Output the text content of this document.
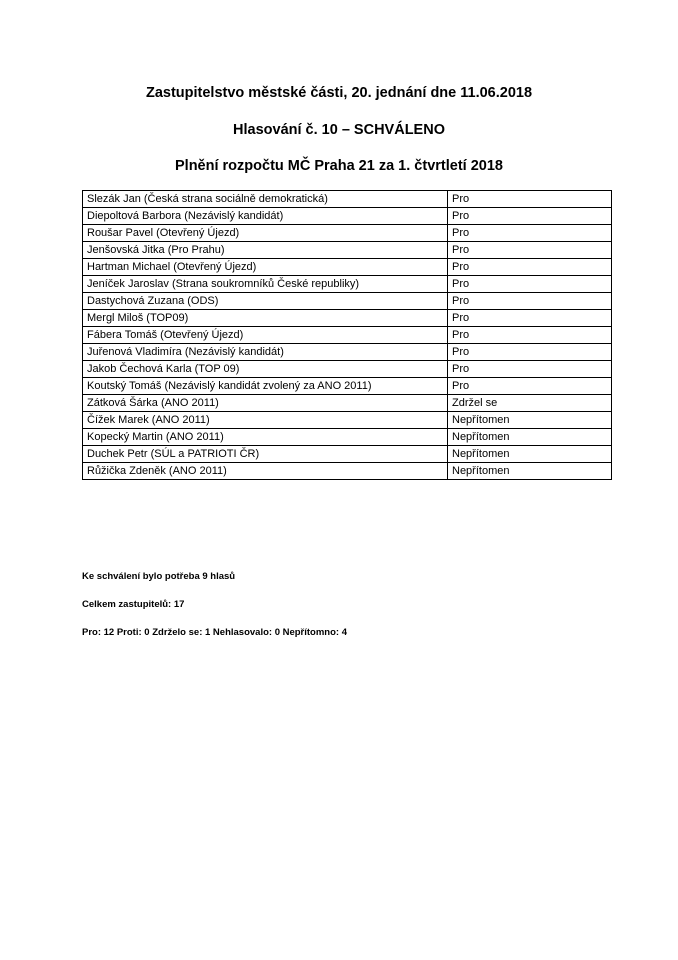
Zastupitelstvo městské části, 20. jednání dne 11.06.2018
Hlasování č. 10 – SCHVÁLENO
Plnění rozpočtu MČ Praha 21 za 1. čtvrtletí 2018
Slezák Jan (Česká strana sociálně demokratická)	Pro
Diepoltová Barbora (Nezávislý kandidát)	Pro
Roušar Pavel (Otevřený Újezd)	Pro
Jenšovská Jitka (Pro Prahu)	Pro
Hartman Michael (Otevřený Újezd)	Pro
Jeníček Jaroslav (Strana soukromníků České republiky)	Pro
Dastychová Zuzana (ODS)	Pro
Mergl Miloš (TOP09)	Pro
Fábera Tomáš (Otevřený Újezd)	Pro
Juřenová Vladimíra (Nezávislý kandidát)	Pro
Jakob Čechová Karla (TOP 09)	Pro
Koutský Tomáš (Nezávislý kandidát zvolený za ANO 2011)	Pro
Zátková Šárka (ANO 2011)	Zdržel se
Čížek Marek (ANO 2011)	Nepřítomen
Kopecký Martin (ANO 2011)	Nepřítomen
Duchek Petr (SÚL a PATRIOTI ČR)	Nepřítomen
Růžička Zdeněk (ANO 2011)	Nepřítomen
Ke schválení bylo potřeba 9 hlasů
Celkem zastupitelů: 17
Pro: 12 Proti: 0 Zdrželo se: 1 Nehlasovalo: 0 Nepřítomno: 4
